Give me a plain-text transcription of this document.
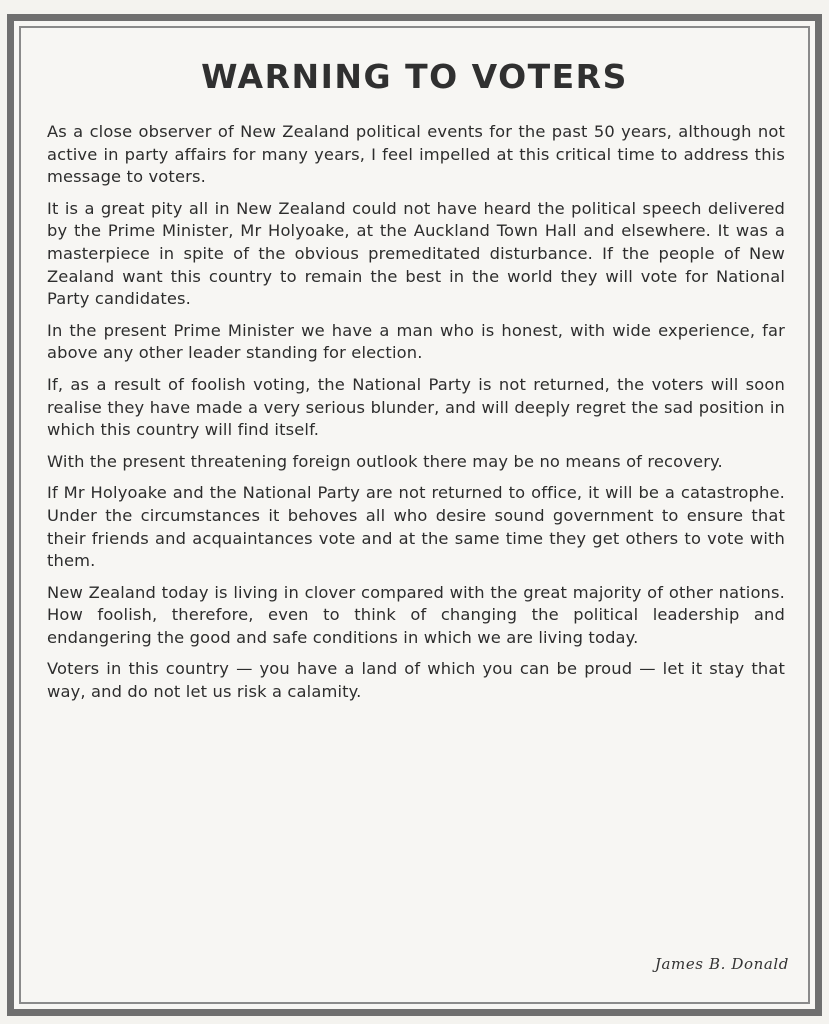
WARNING TO VOTERS

As a close observer of New Zealand political events for the past 50 years, although not active in party affairs for many years, I feel impelled at this critical time to address this message to voters.

It is a great pity all in New Zealand could not have heard the political speech delivered by the Prime Minister, Mr Holyoake, at the Auckland Town Hall and elsewhere. It was a masterpiece in spite of the obvious premeditated disturbance. If the people of New Zealand want this country to remain the best in the world they will vote for National Party candidates.

In the present Prime Minister we have a man who is honest, with wide experience, far above any other leader standing for election.

If, as a result of foolish voting, the National Party is not returned, the voters will soon realise they have made a very serious blunder, and will deeply regret the sad position in which this country will find itself.

With the present threatening foreign outlook there may be no means of recovery.

If Mr Holyoake and the National Party are not returned to office, it will be a catastrophe. Under the circumstances it behoves all who desire sound government to ensure that their friends and acquaintances vote and at the same time they get others to vote with them.

New Zealand today is living in clover compared with the great majority of other nations. How foolish, therefore, even to think of changing the political leadership and endangering the good and safe conditions in which we are living today.

Voters in this country — you have a land of which you can be proud — let it stay that way, and do not let us risk a calamity.

James B. Donald
